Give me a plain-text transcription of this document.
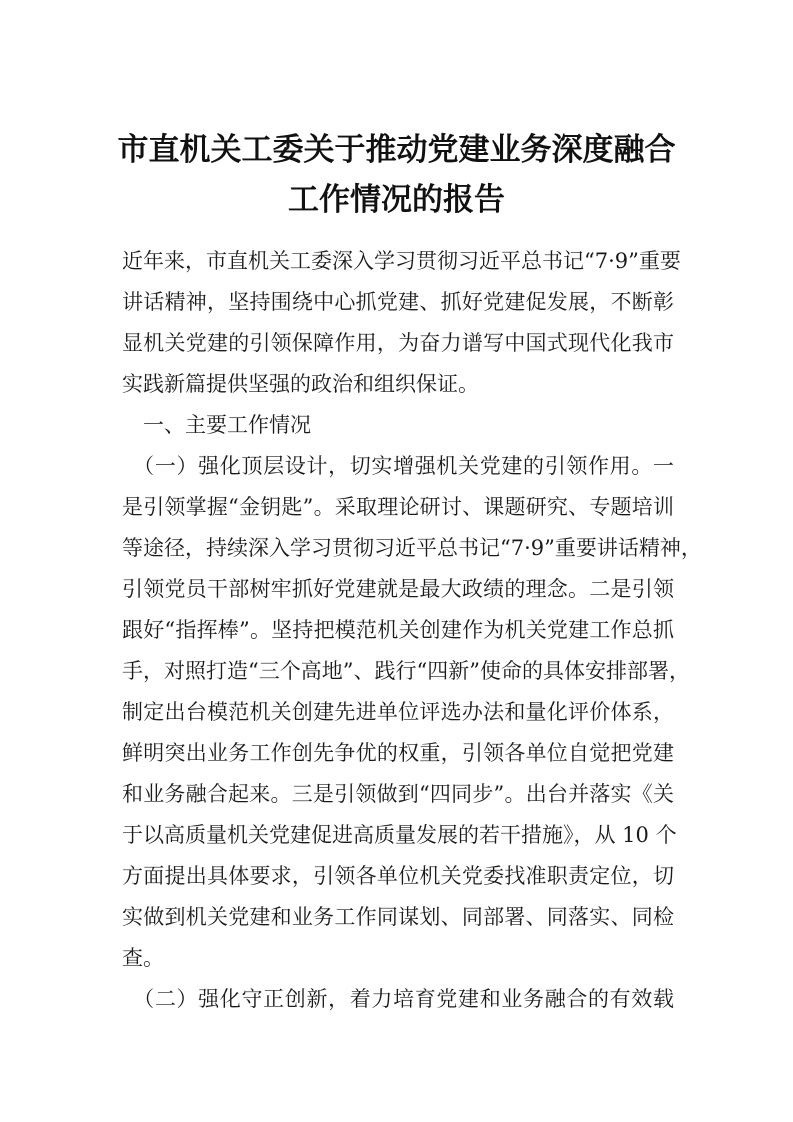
市直机关工委关于推动党建业务深度融合
工作情况的报告
近年来，市直机关工委深入学习贯彻习近平总书记“7·9”重要
讲话精神，坚持围绕中心抓党建、抓好党建促发展，不断彰
显机关党建的引领保障作用，为奋力谱写中国式现代化我市
实践新篇提供坚强的政治和组织保证。
　一、主要工作情况
　（一）强化顶层设计，切实增强机关党建的引领作用。一
是引领掌握“金钥匙”。采取理论研讨、课题研究、专题培训
等途径，持续深入学习贯彻习近平总书记“7·9”重要讲话精神，
引领党员干部树牢抓好党建就是最大政绩的理念。二是引领
跟好“指挥棒”。坚持把模范机关创建作为机关党建工作总抓
手，对照打造“三个高地”、践行“四新”使命的具体安排部署，
制定出台模范机关创建先进单位评选办法和量化评价体系，
鲜明突出业务工作创先争优的权重，引领各单位自觉把党建
和业务融合起来。三是引领做到“四同步”。出台并落实《关
于以高质量机关党建促进高质量发展的若干措施》，从 10 个
方面提出具体要求，引领各单位机关党委找准职责定位，切
实做到机关党建和业务工作同谋划、同部署、同落实、同检
查。
　（二）强化守正创新，着力培育党建和业务融合的有效载
